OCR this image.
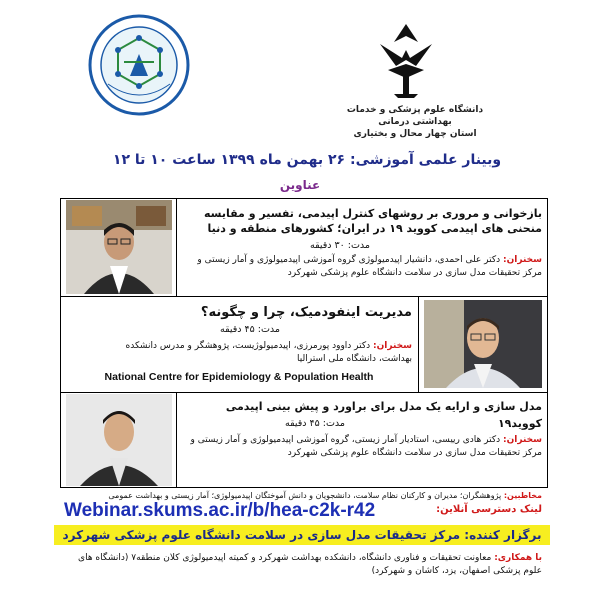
دانشگاه علوم پزشکی و خدمات بهداشتی درمانی
استان چهار محال و بختیاری
وبینار علمی آموزشی: ۲۶ بهمن ماه ۱۳۹۹ ساعت ۱۰ تا ۱۲
عناوین
بازخوانی و مروری بر روشهای کنترل اپیدمی، تفسیر و مقایسه منحنی های اپیدمی کووید ۱۹ در ایران؛ کشورهای منطقه و دنیا
مدت: ۳۰ دقیقه
سخنران: دکتر علی احمدی، دانشیار اپیدمیولوژی گروه آموزشی اپیدمیولوژی و آمار زیستی و مرکز تحقیقات مدل سازی در سلامت دانشگاه علوم پزشکی شهرکرد
مدیریت اینفودمیک، چرا و چگونه؟
مدت: ۴۵ دقیقه
سخنران: دکتر داوود پورمرزی، اپیدمیولوژیست، پژوهشگر و مدرس دانشکده بهداشت، دانشگاه ملی استرالیا
National Centre for Epidemiology & Population Health
مدل سازی و ارایه یک مدل برای براورد و پیش بینی اپیدمی کووید۱۹
مدت: ۴۵ دقیقه
سخنران: دکتر هادی رییسی، استادیار آمار زیستی، گروه آموزشی اپیدمیولوژی و آمار زیستی و مرکز تحقیقات مدل سازی در سلامت دانشگاه علوم پزشکی شهرکرد
مخاطبین: پژوهشگران؛ مدیران و کارکنان نظام سلامت، دانشجویان و دانش آموختگان اپیدمیولوژی؛ آمار زیستی و بهداشت عمومی
لینک دسترسی آنلاین:
Webinar.skums.ac.ir/b/hea-c2k-r42
برگزار کننده: مرکز تحقیقات مدل سازی در سلامت دانشگاه علوم پزشکی شهرکرد
با همکاری: معاونت تحقیقات و فناوری دانشگاه، دانشکده بهداشت شهرکرد و کمیته اپیدمیولوژی کلان منطقه۷ (دانشگاه های علوم پزشکی اصفهان، یزد، کاشان و شهرکرد)
